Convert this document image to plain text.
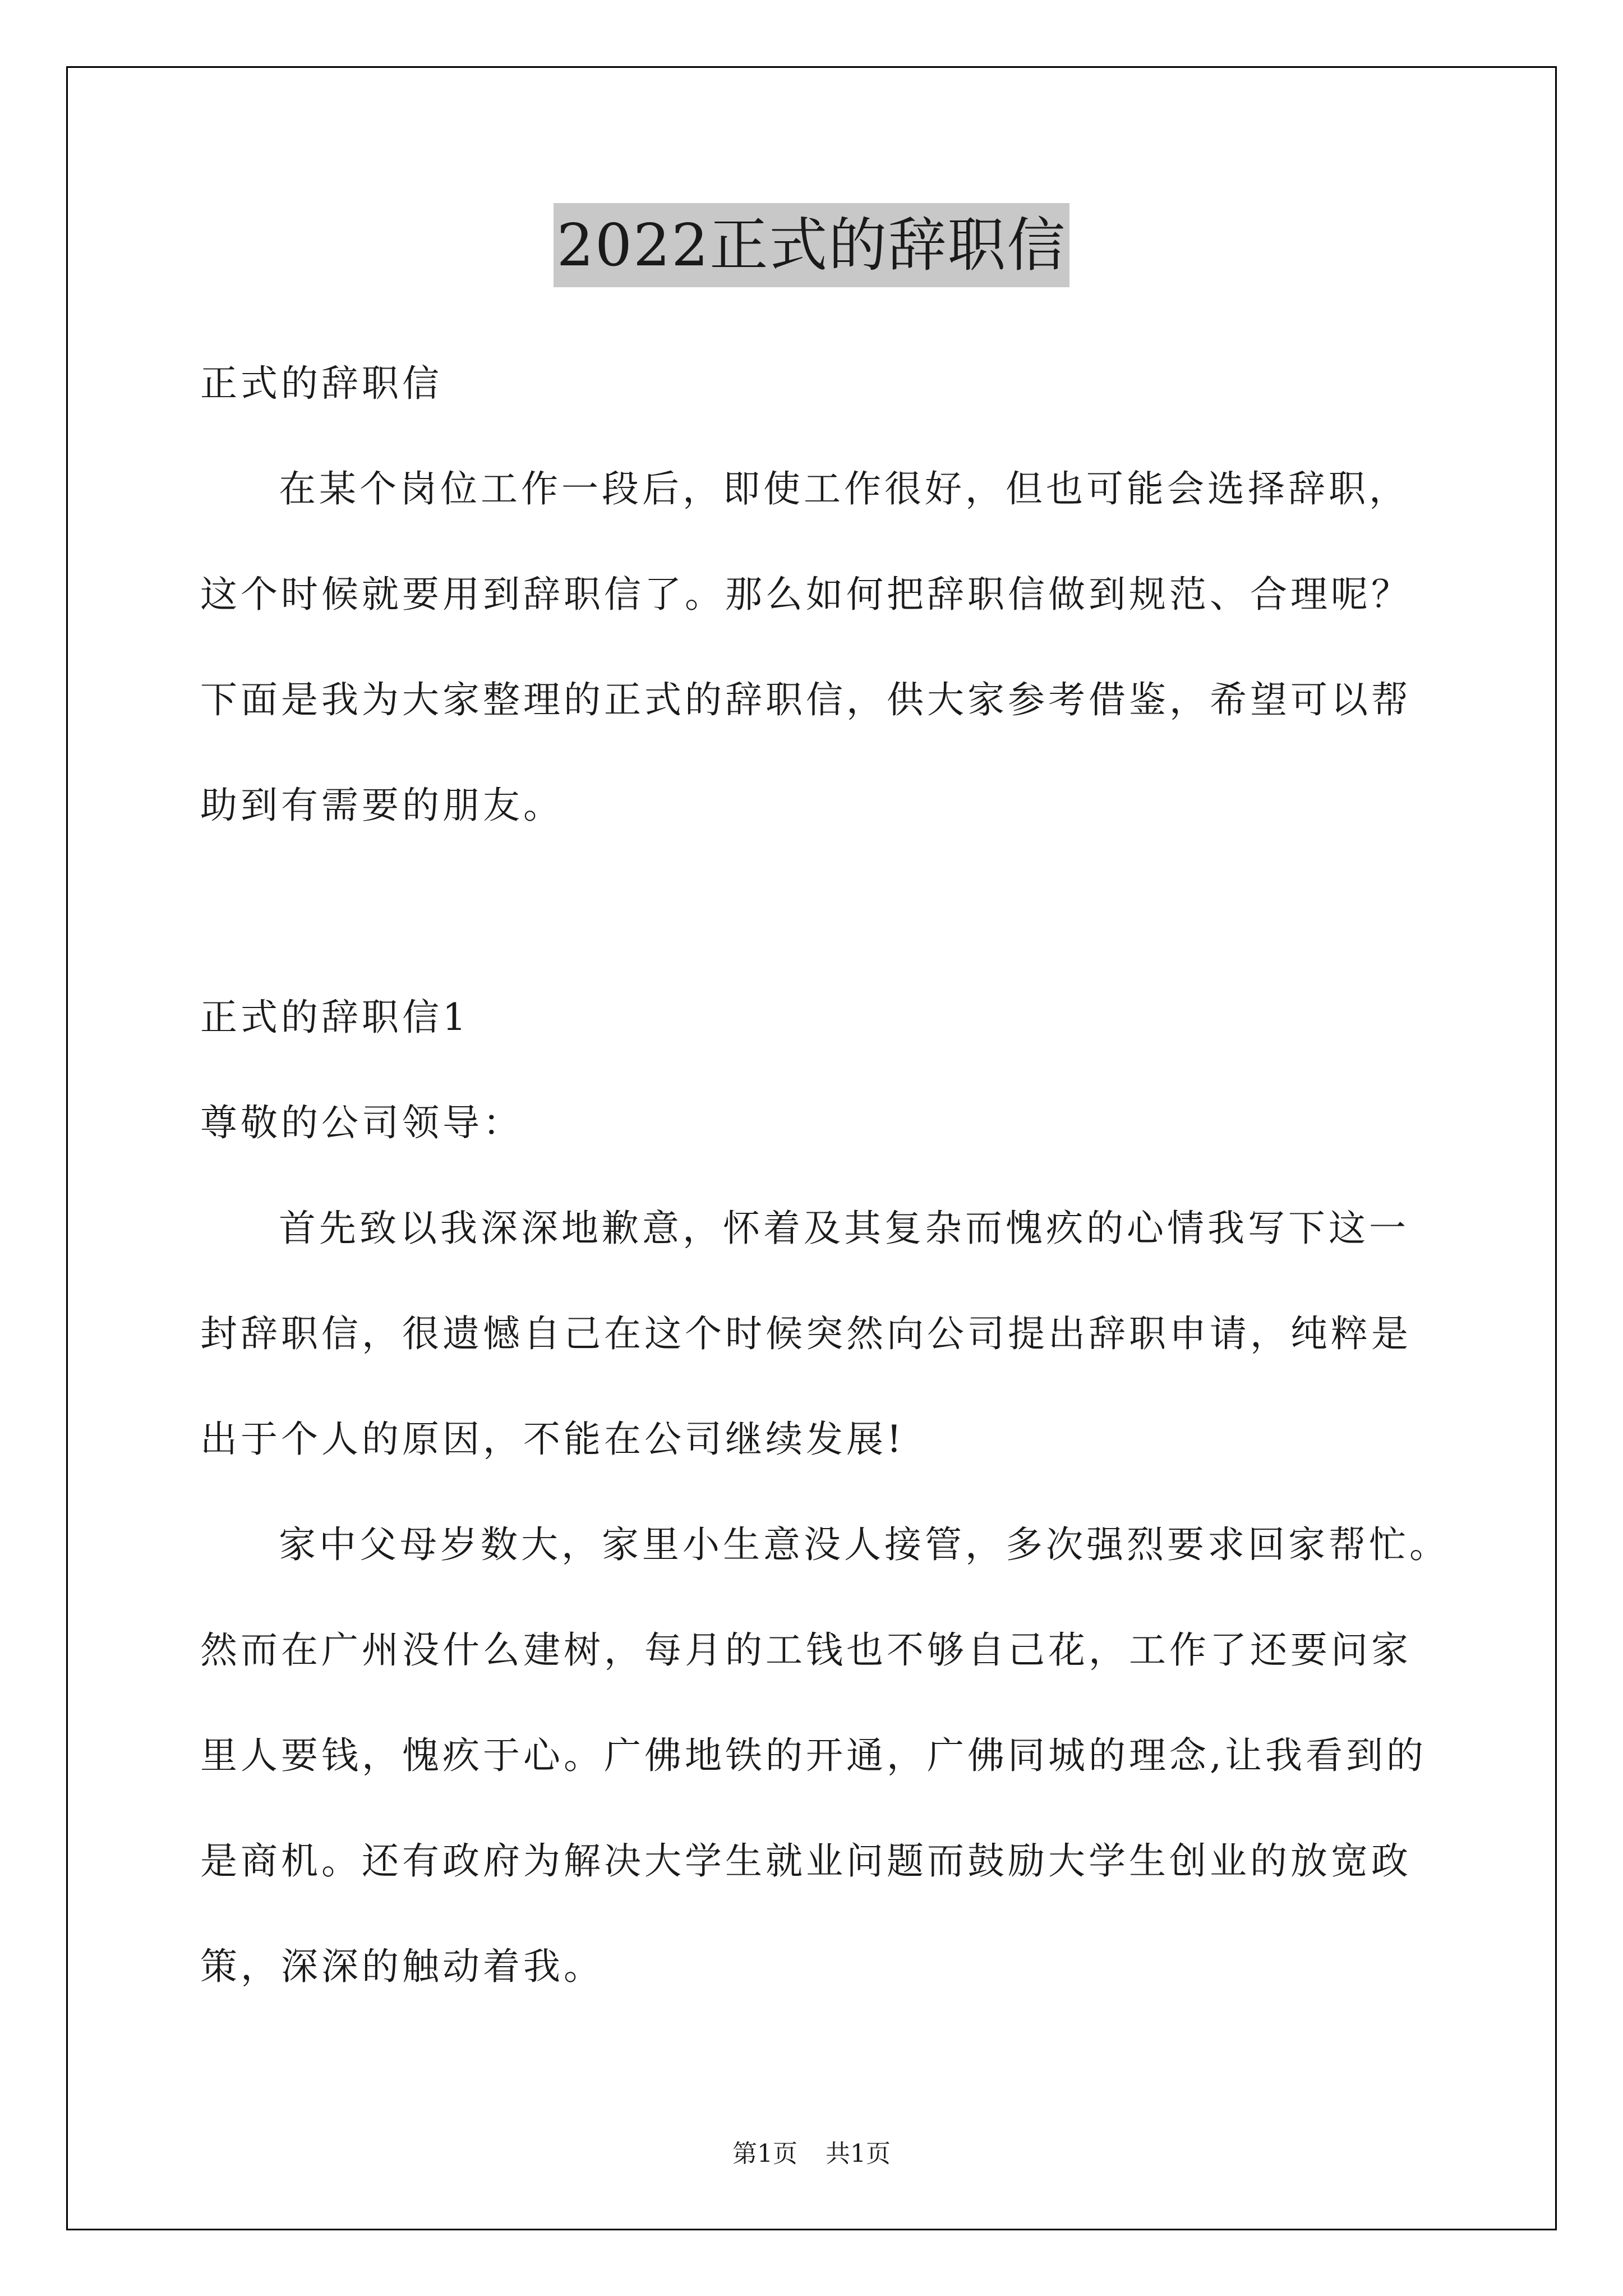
2022正式的辞职信
正式的辞职信
在某个岗位工作一段后，即使工作很好，但也可能会选择辞职，
这个时候就要用到辞职信了。那么如何把辞职信做到规范、合理呢？
下面是我为大家整理的正式的辞职信，供大家参考借鉴，希望可以帮
助到有需要的朋友。
正式的辞职信1
尊敬的公司领导：
首先致以我深深地歉意，怀着及其复杂而愧疚的心情我写下这一
封辞职信，很遗憾自己在这个时候突然向公司提出辞职申请，纯粹是
出于个人的原因，不能在公司继续发展!
家中父母岁数大，家里小生意没人接管，多次强烈要求回家帮忙。
然而在广州没什么建树，每月的工钱也不够自己花，工作了还要问家
里人要钱，愧疚于心。广佛地铁的开通，广佛同城的理念,让我看到的
是商机。还有政府为解决大学生就业问题而鼓励大学生创业的放宽政
策，深深的触动着我。
第1页 共1页
